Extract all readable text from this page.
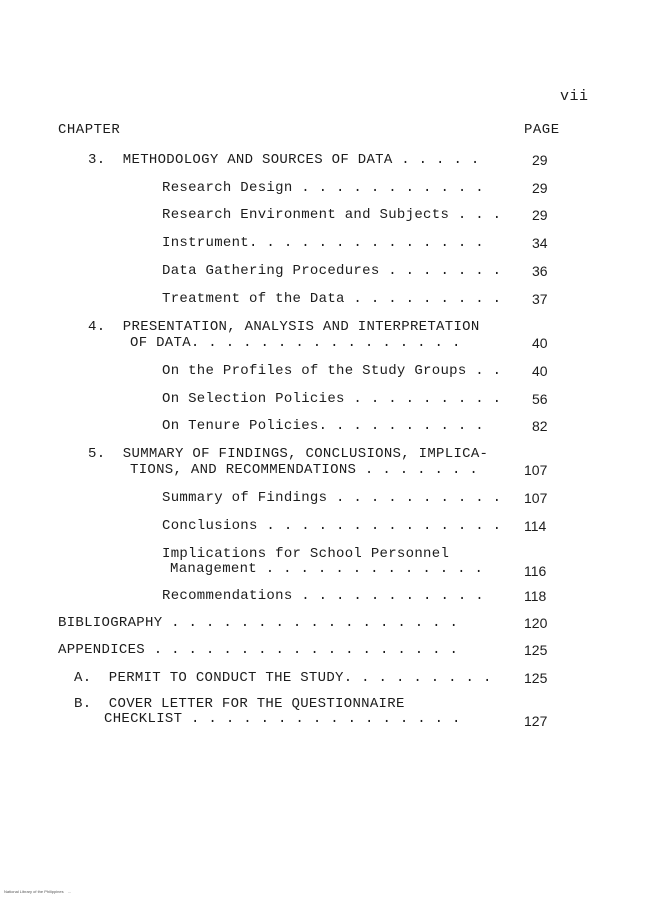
vii
CHAPTER	PAGE
3.  METHODOLOGY AND SOURCES OF DATA . . . . .	29
Research Design . . . . . . . . . . .	29
Research Environment and Subjects . . . 29
Instrument. . . . . . . . . . . . . .	34
Data Gathering Procedures . . . . . . . 36
Treatment of the Data . . . . . . . . . 37
4.  PRESENTATION, ANALYSIS AND INTERPRETATION
OF DATA. . . . . . . . . . . . . . . .	40
On the Profiles of the Study Groups . . 40
On Selection Policies . . . . . . . . . 56
On Tenure Policies. . . . . . . . . .	82
5.  SUMMARY OF FINDINGS, CONCLUSIONS, IMPLICA-
TIONS, AND RECOMMENDATIONS . . . . . . .	107
Summary of Findings . . . . . . . . . . 107
Conclusions . . . . . . . . . . . . . . 114
Implications for School Personnel
Management . . . . . . . . . . . . .	116
Recommendations . . . . . . . . . . .	118
BIBLIOGRAPHY . . . . . . . . . . . . . . . . .	120
APPENDICES . . . . . . . . . . . . . . . . . .	125
A.  PERMIT TO CONDUCT THE STUDY. . . . . . . . . 125
B.  COVER LETTER FOR THE QUESTIONNAIRE
CHECKLIST . . . . . . . . . . . . . . . .	127
National Library of the Philippines    ...
